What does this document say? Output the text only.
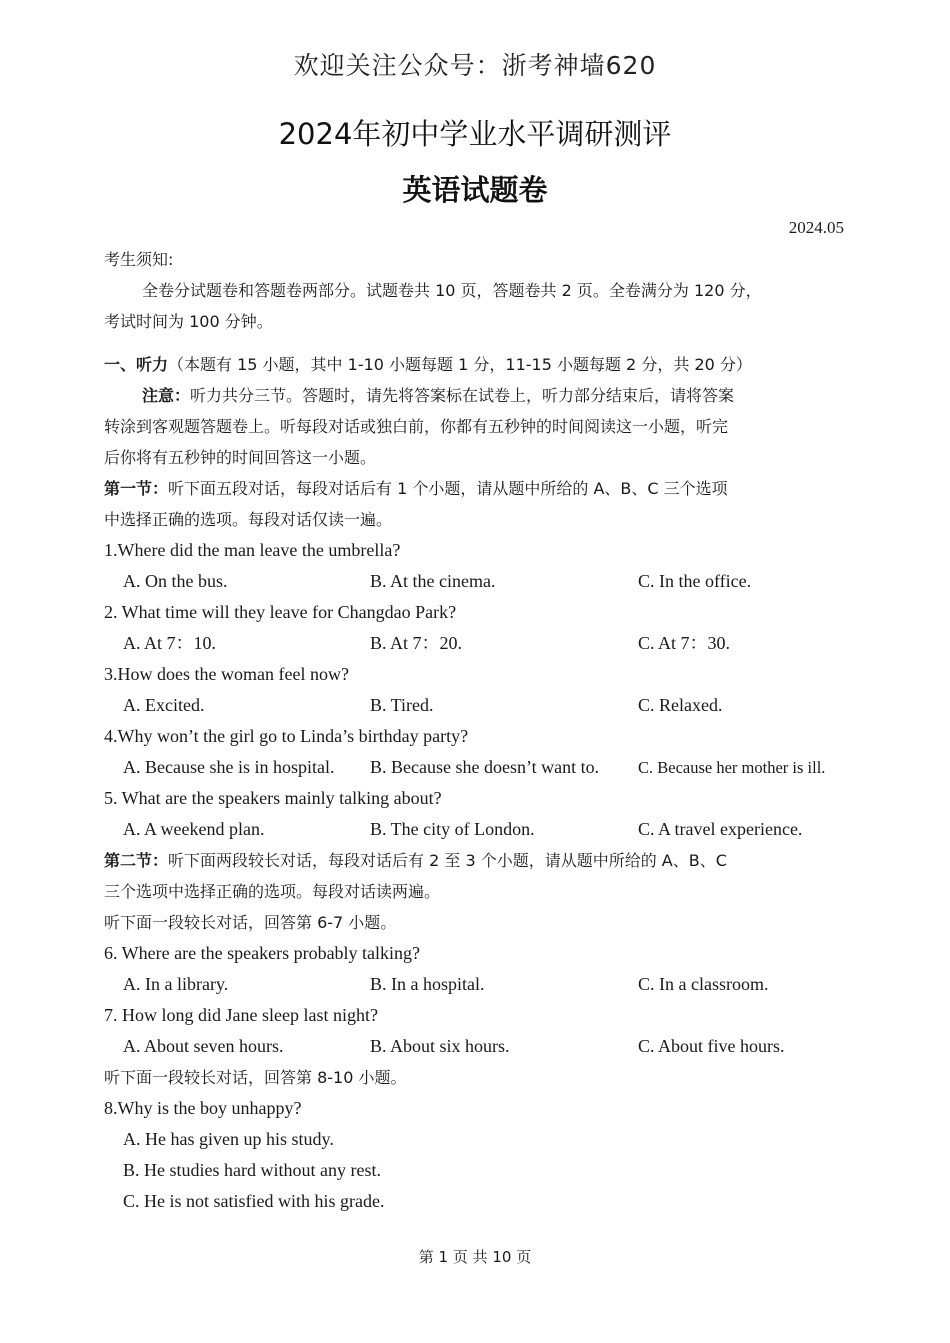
欢迎关注公众号：浙考神墙620
2024年初中学业水平调研测评
英语试题卷
2024.05
考生须知:
全卷分试题卷和答题卷两部分。试题卷共 10 页，答题卷共 2 页。全卷满分为 120 分，
考试时间为 100 分钟。
一、听力（本题有 15 小题，其中 1-10 小题每题 1 分，11-15 小题每题 2 分，共 20 分）
注意：听力共分三节。答题时，请先将答案标在试卷上，听力部分结束后，请将答案
转涂到客观题答题卷上。听每段对话或独白前，你都有五秒钟的时间阅读这一小题，听完
后你将有五秒钟的时间回答这一小题。
第一节：听下面五段对话，每段对话后有 1 个小题，请从题中所给的 A、B、C 三个选项
中选择正确的选项。每段对话仅读一遍。
1.Where did the man leave the umbrella?
A. On the bus.	B. At the cinema.	C. In the office.
2. What time will they leave for Changdao Park?
A. At 7：10.	B. At 7：20.	C. At 7：30.
3.How does the woman feel now?
A. Excited.	B. Tired.	C. Relaxed.
4.Why won’t the girl go to Linda’s birthday party?
A. Because she is in hospital.	B. Because she doesn’t want to.	C. Because her mother is ill.
5. What are the speakers mainly talking about?
A. A weekend plan.	B. The city of London.	C. A travel experience.
第二节：听下面两段较长对话，每段对话后有 2 至 3 个小题，请从题中所给的 A、B、C
三个选项中选择正确的选项。每段对话读两遍。
听下面一段较长对话，回答第 6-7 小题。
6. Where are the speakers probably talking?
A. In a library.	B. In a hospital.	C. In a classroom.
7. How long did Jane sleep last night?
A. About seven hours.	B. About six hours.	C. About five hours.
听下面一段较长对话，回答第 8-10 小题。
8.Why is the boy unhappy?
A. He has given up his study.
B. He studies hard without any rest.
C. He is not satisfied with his grade.
第 1 页 共 10 页
